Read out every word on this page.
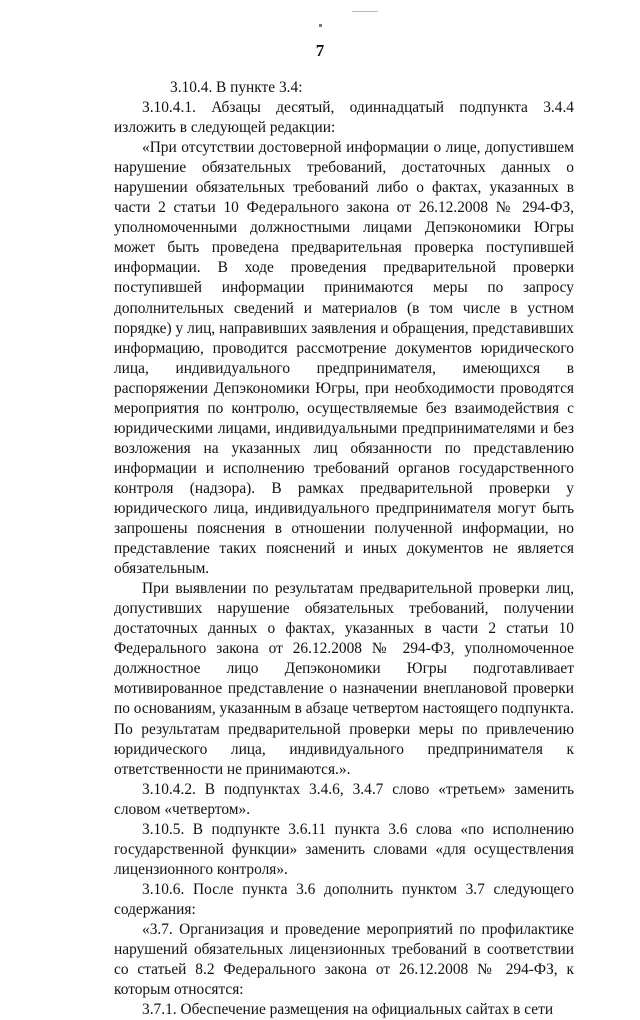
7

3.10.4. В пункте 3.4:

3.10.4.1. Абзацы десятый, одиннадцатый подпункта 3.4.4 изложить в следующей редакции:

«При отсутствии достоверной информации о лице, допустившем нарушение обязательных требований, достаточных данных о нарушении обязательных требований либо о фактах, указанных в части 2 статьи 10 Федерального закона от 26.12.2008 № 294-ФЗ, уполномоченными должностными лицами Депэкономики Югры может быть проведена предварительная проверка поступившей информации. В ходе проведения предварительной проверки поступившей информации принимаются меры по запросу дополнительных сведений и материалов (в том числе в устном порядке) у лиц, направивших заявления и обращения, представивших информацию, проводится рассмотрение документов юридического лица, индивидуального предпринимателя, имеющихся в распоряжении Депэкономики Югры, при необходимости проводятся мероприятия по контролю, осуществляемые без взаимодействия с юридическими лицами, индивидуальными предпринимателями и без возложения на указанных лиц обязанности по представлению информации и исполнению требований органов государственного контроля (надзора). В рамках предварительной проверки у юридического лица, индивидуального предпринимателя могут быть запрошены пояснения в отношении полученной информации, но представление таких пояснений и иных документов не является обязательным.

При выявлении по результатам предварительной проверки лиц, допустивших нарушение обязательных требований, получении достаточных данных о фактах, указанных в части 2 статьи 10 Федерального закона от 26.12.2008 № 294-ФЗ, уполномоченное должностное лицо Депэкономики Югры подготавливает мотивированное представление о назначении внеплановой проверки по основаниям, указанным в абзаце четвертом настоящего подпункта. По результатам предварительной проверки меры по привлечению юридического лица, индивидуального предпринимателя к ответственности не принимаются.».

3.10.4.2. В подпунктах 3.4.6, 3.4.7 слово «третьем» заменить словом «четвертом».

3.10.5. В подпункте 3.6.11 пункта 3.6 слова «по исполнению государственной функции» заменить словами «для осуществления лицензионного контроля».

3.10.6. После пункта 3.6 дополнить пунктом 3.7 следующего содержания:

«3.7. Организация и проведение мероприятий по профилактике нарушений обязательных лицензионных требований в соответствии со статьей 8.2 Федерального закона от 26.12.2008 № 294-ФЗ, к которым относятся:

3.7.1. Обеспечение размещения на официальных сайтах в сети
